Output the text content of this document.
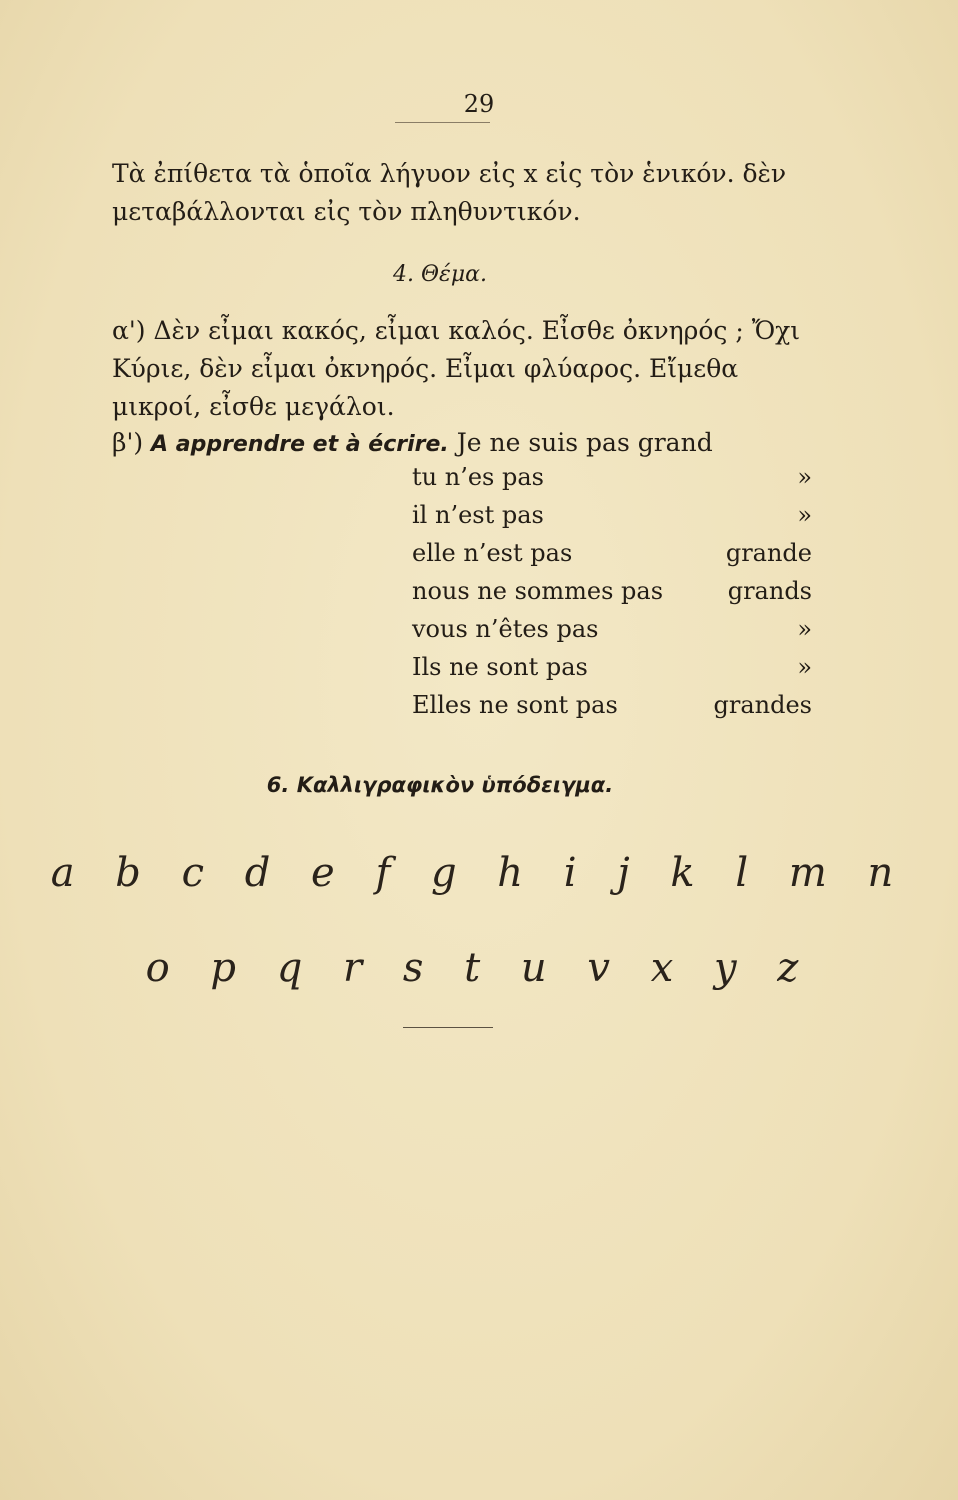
29
Τὰ ἐπίθετα τὰ ὁποῖα λήγυον εἰς x εἰς τὸν ἑνικόν. δὲν μεταβάλλονται εἰς τὸν πληθυντικόν.
4. Θέμα.
α') Δὲν εἶμαι κακός, εἶμαι καλός. Εἶσθε ὀκνηρός ; Ὄχι Κύριε, δὲν εἶμαι ὀκνηρός. Εἶμαι φλύαρος. Εἴμεθα μικροί, εἶσθε μεγάλοι.
β') A apprendre et à écrire. Je ne suis pas grand
tu n’es pas	»
il n’est pas	»
elle n’est pas	grande
nous ne sommes pas	grands
vous n’êtes pas	»
Ils ne sont pas	»
Elles ne sont pas	grandes
6. Καλλιγραφικὸν ὑπόδειγμα.
a b c d e f g h i j k l m n
o p q r s t u v x y z
